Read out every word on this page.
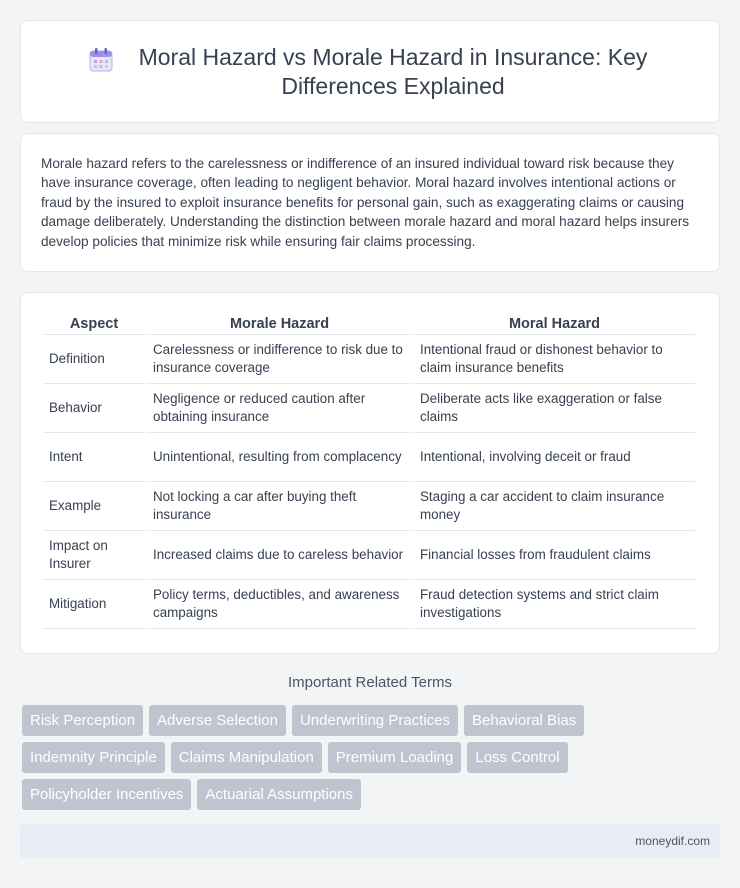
Moral Hazard vs Morale Hazard in Insurance: Key Differences Explained

Morale hazard refers to the carelessness or indifference of an insured individual toward risk because they have insurance coverage, often leading to negligent behavior. Moral hazard involves intentional actions or fraud by the insured to exploit insurance benefits for personal gain, such as exaggerating claims or causing damage deliberately. Understanding the distinction between morale hazard and moral hazard helps insurers develop policies that minimize risk while ensuring fair claims processing.

Aspect	Morale Hazard	Moral Hazard
Definition	Carelessness or indifference to risk due to insurance coverage	Intentional fraud or dishonest behavior to claim insurance benefits
Behavior	Negligence or reduced caution after obtaining insurance	Deliberate acts like exaggeration or false claims
Intent	Unintentional, resulting from complacency	Intentional, involving deceit or fraud
Example	Not locking a car after buying theft insurance	Staging a car accident to claim insurance money
Impact on Insurer	Increased claims due to careless behavior	Financial losses from fraudulent claims
Mitigation	Policy terms, deductibles, and awareness campaigns	Fraud detection systems and strict claim investigations
Important Related Terms
Risk Perception	Adverse Selection	Underwriting Practices	Behavioral Bias
Indemnity Principle	Claims Manipulation	Premium Loading	Loss Control
Policyholder Incentives	Actuarial Assumptions
moneydif.com
